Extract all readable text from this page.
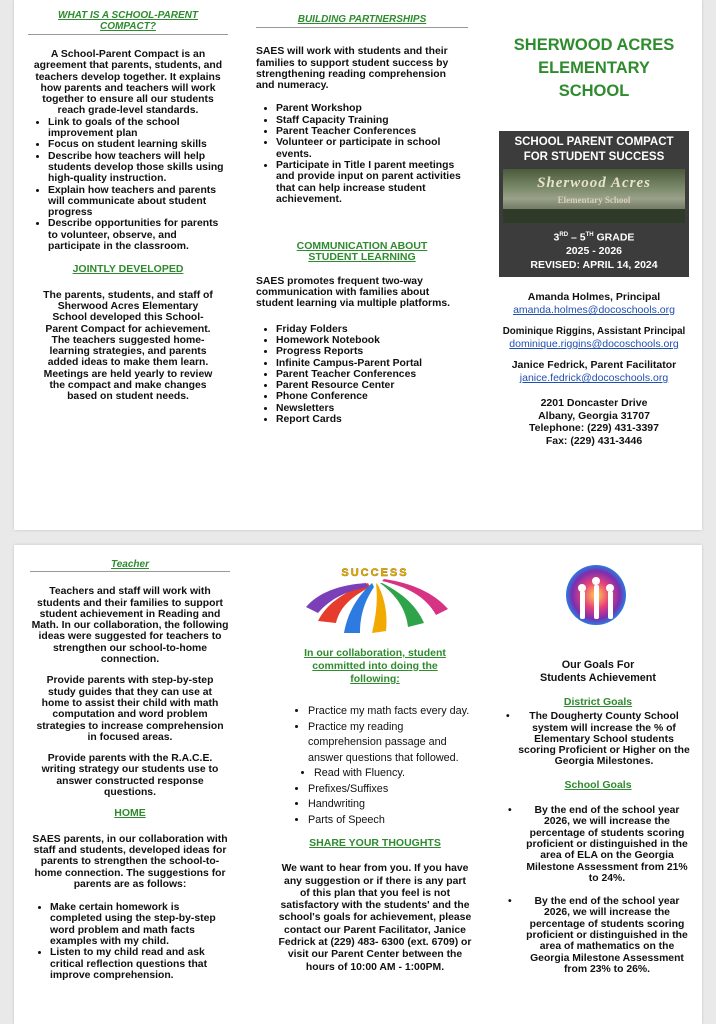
WHAT IS A SCHOOL-PARENT COMPACT?
A School-Parent Compact is an agreement that parents, students, and teachers develop together. It explains how parents and teachers will work together to ensure all our students reach grade-level standards.
• Link to goals of the school improvement plan
• Focus on student learning skills
• Describe how teachers will help students develop those skills using high-quality instruction.
• Explain how teachers and parents will communicate about student progress
• Describe opportunities for parents to volunteer, observe, and participate in the classroom.
JOINTLY DEVELOPED
The parents, students, and staff of Sherwood Acres Elementary School developed this School-Parent Compact for achievement. The teachers suggested home-learning strategies, and parents added ideas to make them learn. Meetings are held yearly to review the compact and make changes based on student needs.
BUILDING PARTNERSHIPS
SAES will work with students and their families to support student success by strengthening reading comprehension and numeracy.
• Parent Workshop
• Staff Capacity Training
• Parent Teacher Conferences
• Volunteer or participate in school events.
• Participate in Title I parent meetings and provide input on parent activities that can help increase student achievement.
COMMUNICATION ABOUT STUDENT LEARNING
SAES promotes frequent two-way communication with families about student learning via multiple platforms.
• Friday Folders
• Homework Notebook
• Progress Reports
• Infinite Campus-Parent Portal
• Parent Teacher Conferences
• Parent Resource Center
• Phone Conference
• Newsletters
• Report Cards
SHERWOOD ACRES ELEMENTARY SCHOOL
SCHOOL PARENT COMPACT FOR STUDENT SUCCESS
Sherwood Acres
Elementary School
3RD – 5TH GRADE
2025 - 2026
REVISED: APRIL 14, 2024
Amanda Holmes, Principal
amanda.holmes@docoschools.org
Dominique Riggins, Assistant Principal
dominique.riggins@docoschools.org
Janice Fedrick, Parent Facilitator
janice.fedrick@docoschools.org
2201 Doncaster Drive
Albany, Georgia 31707
Telephone: (229) 431-3397
Fax: (229) 431-3446
Teacher
Teachers and staff will work with students and their families to support student achievement in Reading and Math. In our collaboration, the following ideas were suggested for teachers to strengthen our school-to-home connection.
Provide parents with step-by-step study guides that they can use at home to assist their child with math computation and word problem strategies to increase comprehension in focused areas.
Provide parents with the R.A.C.E. writing strategy our students use to answer constructed response questions.
HOME
SAES parents, in our collaboration with staff and students, developed ideas for parents to strengthen the school-to-home connection. The suggestions for parents are as follows:
• Make certain homework is completed using the step-by-step word problem and math facts examples with my child.
• Listen to my child read and ask critical reflection questions that improve comprehension.
SUCCESS
In our collaboration, student committed into doing the following:
• Practice my math facts every day.
• Practice my reading comprehension passage and answer questions that followed.
• Read with Fluency.
• Prefixes/Suffixes
• Handwriting
• Parts of Speech
SHARE YOUR THOUGHTS
We want to hear from you. If you have any suggestion or if there is any part of this plan that you feel is not satisfactory with the students' and the school's goals for achievement, please contact our Parent Facilitator, Janice Fedrick at (229) 483- 6300 (ext. 6709) or visit our Parent Center between the hours of 10:00 AM - 1:00PM.
Our Goals For Students Achievement
District Goals
• The Dougherty County School system will increase the % of Elementary School students scoring Proficient or Higher on the Georgia Milestones.
School Goals
• By the end of the school year 2026, we will increase the percentage of students scoring proficient or distinguished in the area of ELA on the Georgia Milestone Assessment from 21% to 24%.
• By the end of the school year 2026, we will increase the percentage of students scoring proficient or distinguished in the area of mathematics on the Georgia Milestone Assessment from 23% to 26%.
